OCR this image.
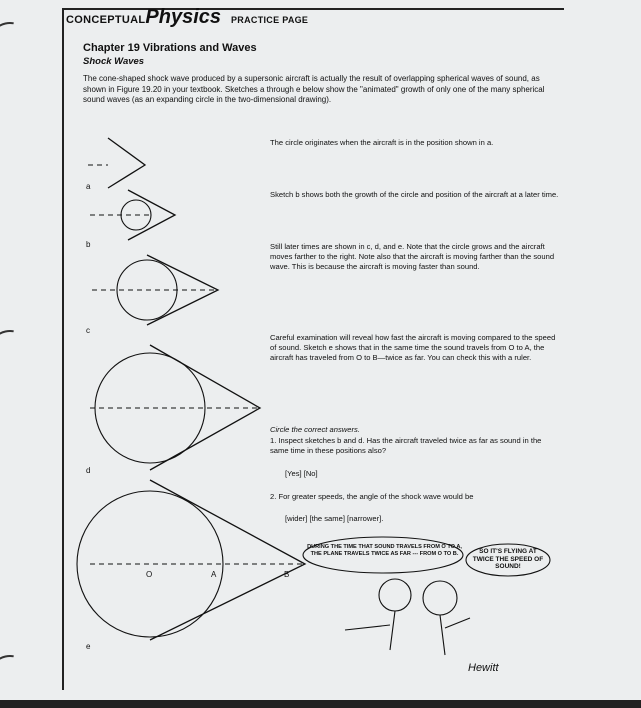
CONCEPTUALPhysics PRACTICE PAGE
Chapter 19 Vibrations and Waves
Shock Waves
The cone-shaped shock wave produced by a supersonic aircraft is actually the result of overlapping spherical waves of sound, as shown in Figure 19.20 in your textbook. Sketches a through e below show the "animated" growth of only one of the many spherical sound waves (as an expanding circle in the two-dimensional drawing).
The circle originates when the aircraft is in the position shown in a.
Sketch b shows both the growth of the circle and position of the aircraft at a later time.
Still later times are shown in c, d, and e. Note that the circle grows and the aircraft moves farther to the right. Note also that the aircraft is moving farther than the sound wave. This is because the aircraft is moving faster than sound.
Careful examination will reveal how fast the aircraft is moving compared to the speed of sound. Sketch e shows that in the same time the sound travels from O to A, the aircraft has traveled from O to B—twice as far. You can check this with a ruler.
Circle the correct answers.
1. Inspect sketches b and d. Has the aircraft traveled twice as far as sound in the same time in these positions also?
[Yes] [No]
2. For greater speeds, the angle of the shock wave would be
[wider] [the same] [narrower].
a
b
c
d
e
O	A	B
DURING THE TIME THAT SOUND TRAVELS FROM O TO A, THE PLANE TRAVELS TWICE AS FAR --- FROM O TO B.	SO IT'S FLYING AT TWICE THE SPEED OF SOUND!
Hewitt
